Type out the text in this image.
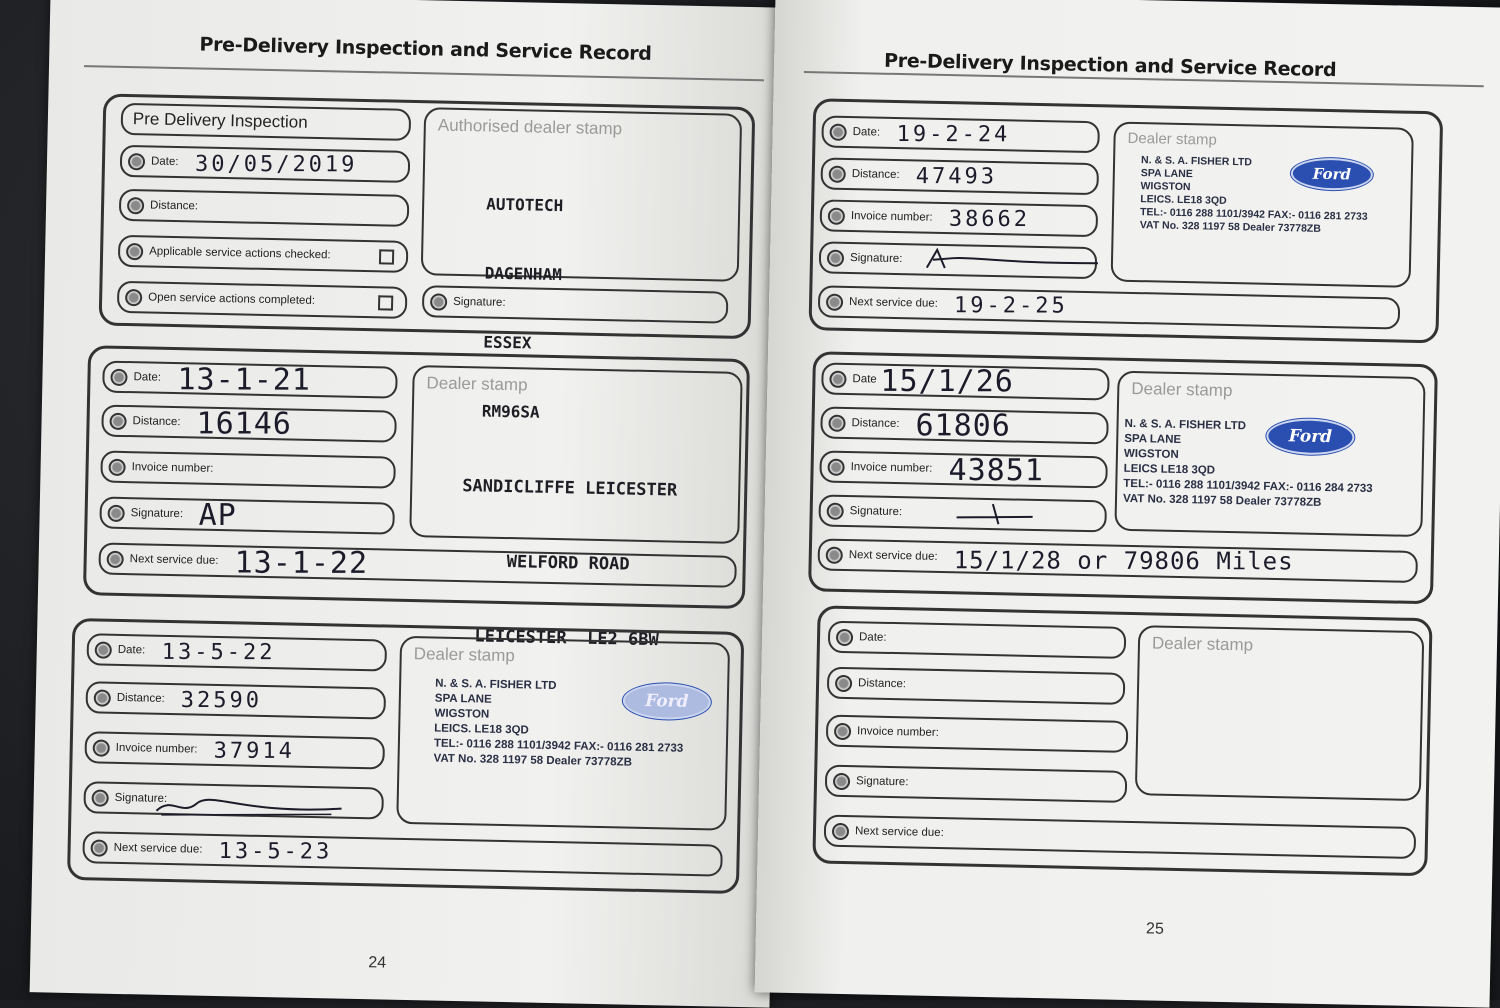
Pre-Delivery Inspection and Service Record
Pre Delivery Inspection
Date: 30/05/2019
Distance:
Applicable service actions checked:
Open service actions completed:
Authorised dealer stamp

AUTOTECH

DAGENHAM

ESSEX

RM96SA

Signature:
Date: 13-1-21
Distance: 16146
Invoice number:
Signature: AP
Next service due: 13-1-22
Dealer stamp

SANDICLIFFE LEICESTER

WELFORD ROAD

LEICESTER  LE2 6BW

Date: 13-5-22
Distance: 32590
Invoice number: 37914
Signature:
Next service due: 13-5-23
Dealer stamp
N. & S. A. FISHER LTD
SPA LANE
WIGSTON
LEICS. LE18 3QD
TEL:- 0116 288 1101/3942 FAX:- 0116 281 2733
VAT No. 328 1197 58 Dealer 73778ZB
Ford
24
Pre-Delivery Inspection and Service Record
Date: 19-2-24
Distance: 47493
Invoice number: 38662
Signature:
Next service due: 19-2-25
Dealer stamp
N. & S. A. FISHER LTD
SPA LANE
WIGSTON
LEICS. LE18 3QD
TEL:- 0116 288 1101/3942 FAX:- 0116 281 2733
VAT No. 328 1197 58 Dealer 73778ZB
Ford
Date 15/1/26
Distance: 61806
Invoice number: 43851
Signature:
Next service due: 15/1/28 or 79806 Miles
Dealer stamp
N. & S. A. FISHER LTD
SPA LANE
WIGSTON
LEICS LE18 3QD
TEL:- 0116 288 1101/3942 FAX:- 0116 284 2733
VAT No. 328 1197 58 Dealer 73778ZB
Ford
Date:
Distance:
Invoice number:
Signature:
Next service due:
Dealer stamp
25
